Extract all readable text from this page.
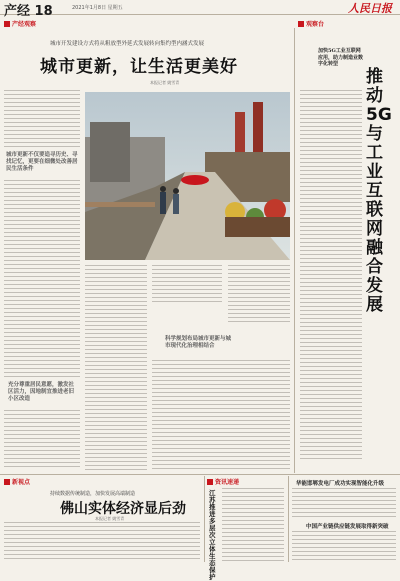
产经 18	2021年1月8日 星期五	人民日报
产经观察
城市开发建设方式将从粗放型外延式发展转向集约型内涵式发展
城市更新，让生活更美好
本报记者 姚雪青
城市更新不仅要追寻历史、寻找记忆，更要在细微处改善居民生活条件
充分尊重居民意愿，激发社区活力，因地制宜推进老旧小区改造
科学规划布局城市更新与城市现代化治理相结合
观察台
加快5G工业互联网应用，助力制造业数字化转型
推动5G与工业互联网融合发展
新视点
持续数据传统制造，加快发展高端制造
佛山实体经济显后劲
本报记者 姚雪青
资讯速递
江苏推进多层次立体生态保护
华能邯郸发电厂成功实现智能化升级
中国产业链供应链发展取得新突破
